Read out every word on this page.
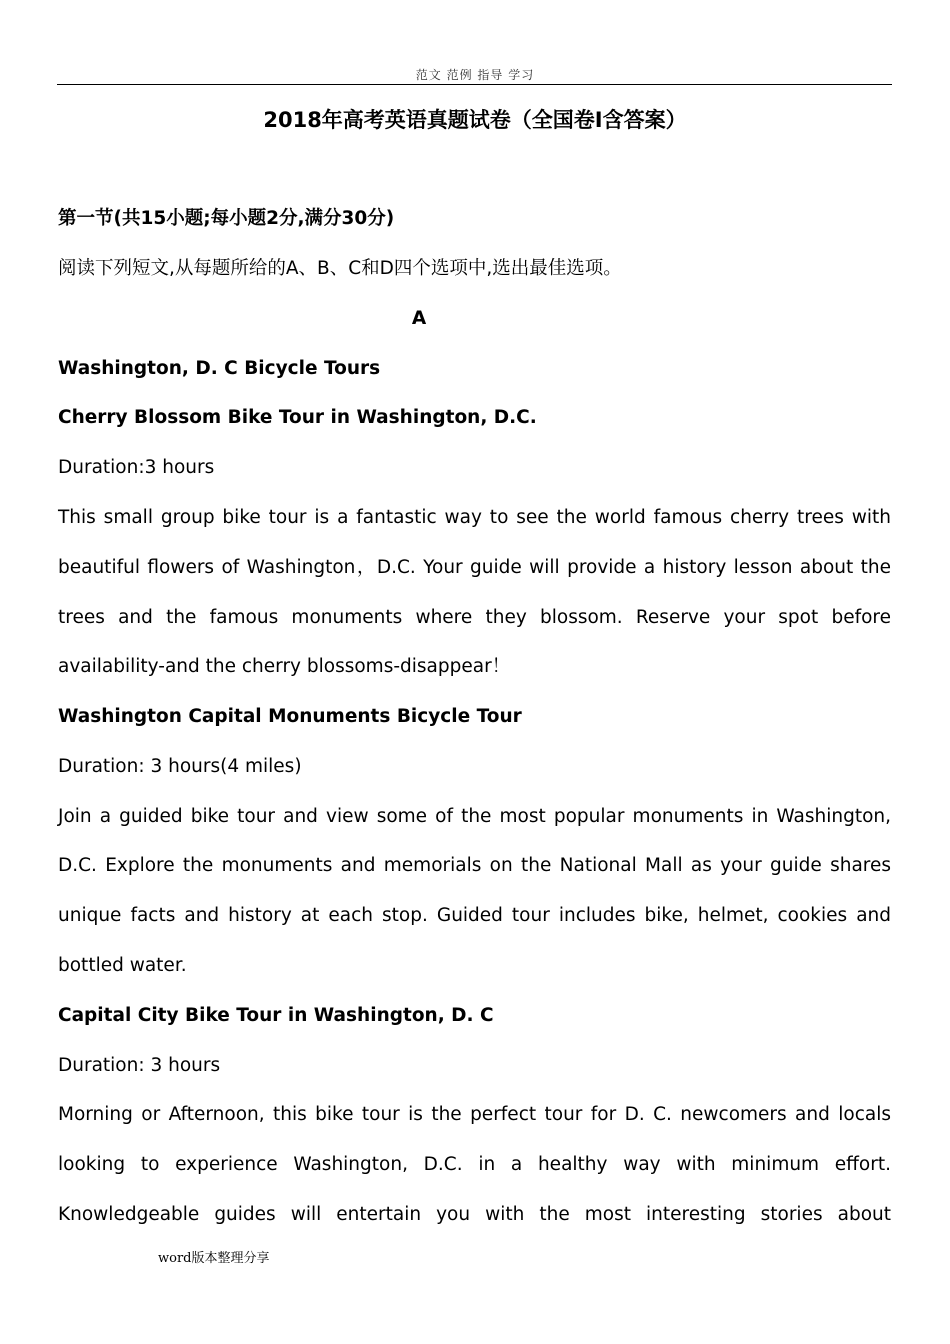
范文 范例 指导 学习
2018年高考英语真题试卷（全国卷Ⅰ含答案）
第一节(共15小题;每小题2分,满分30分)
阅读下列短文,从每题所给的A、B、C和D四个选项中,选出最佳选项。
A
Washington, D. C Bicycle Tours
Cherry Blossom Bike Tour in Washington, D.C.
Duration:3 hours
This small group bike tour is a fantastic way to see the world famous cherry trees with
beautiful flowers of Washington，D.C. Your guide will provide a history lesson about the
trees and the famous monuments where they blossom. Reserve your spot before
availability-and the cherry blossoms-disappear！
Washington Capital Monuments Bicycle Tour
Duration: 3 hours(4 miles)
Join a guided bike tour and view some of the most popular monuments in Washington,
D.C. Explore the monuments and memorials on the National Mall as your guide shares
unique facts and history at each stop. Guided tour includes bike, helmet, cookies and
bottled water.
Capital City Bike Tour in Washington, D. C
Duration: 3 hours
Morning or Afternoon, this bike tour is the perfect tour for D. C. newcomers and locals
looking to experience Washington, D.C. in a healthy way with minimum effort.
Knowledgeable guides will entertain you with the most interesting stories about
word版本整理分享
